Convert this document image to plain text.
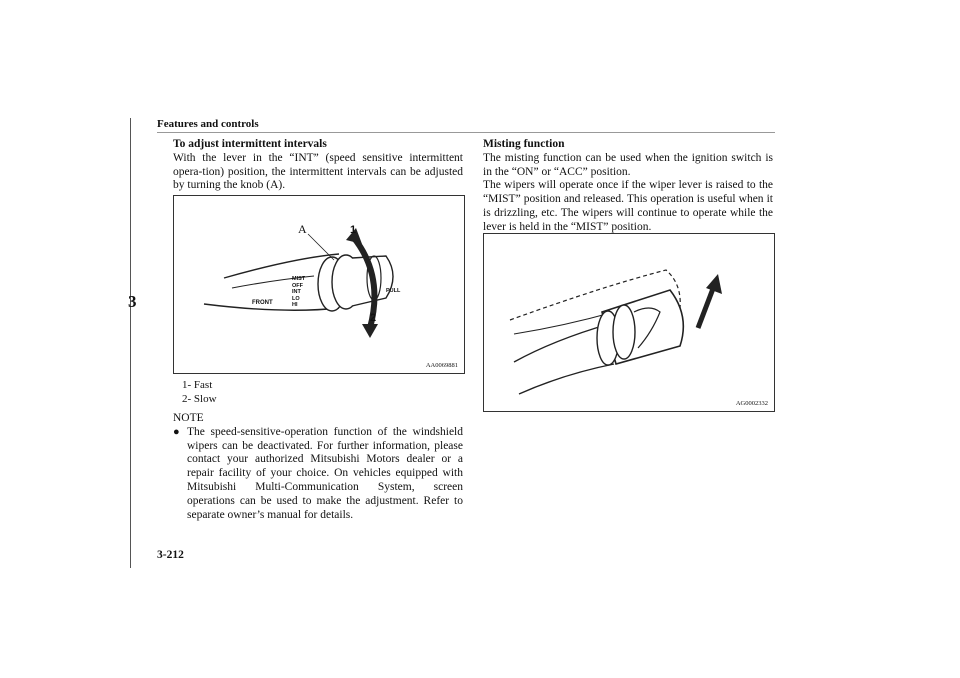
Features and controls
3

To adjust intermittent intervals

With the lever in the “INT” (speed sensitive intermittent opera-tion) position, the intermittent intervals can be adjusted by turning the knob (A).

A	1
2
PULL
FRONT
MIST
OFF
INT
LO
HI
AA0069881
1- Fast
2- Slow

NOTE

● The speed-sensitive-operation function of the windshield wipers can be deactivated. For further information, please contact your authorized Mitsubishi Motors dealer or a repair facility of your choice. On vehicles equipped with Mitsubishi Multi-Communication System, screen operations can be used to make the adjustment. Refer to separate owner’s manual for details.

Misting function

The misting function can be used when the ignition switch is in the “ON” or “ACC” position.

The wipers will operate once if the wiper lever is raised to the “MIST” position and released. This operation is useful when it is drizzling, etc. The wipers will continue to operate while the lever is held in the “MIST” position.

AG0002332
3-212
